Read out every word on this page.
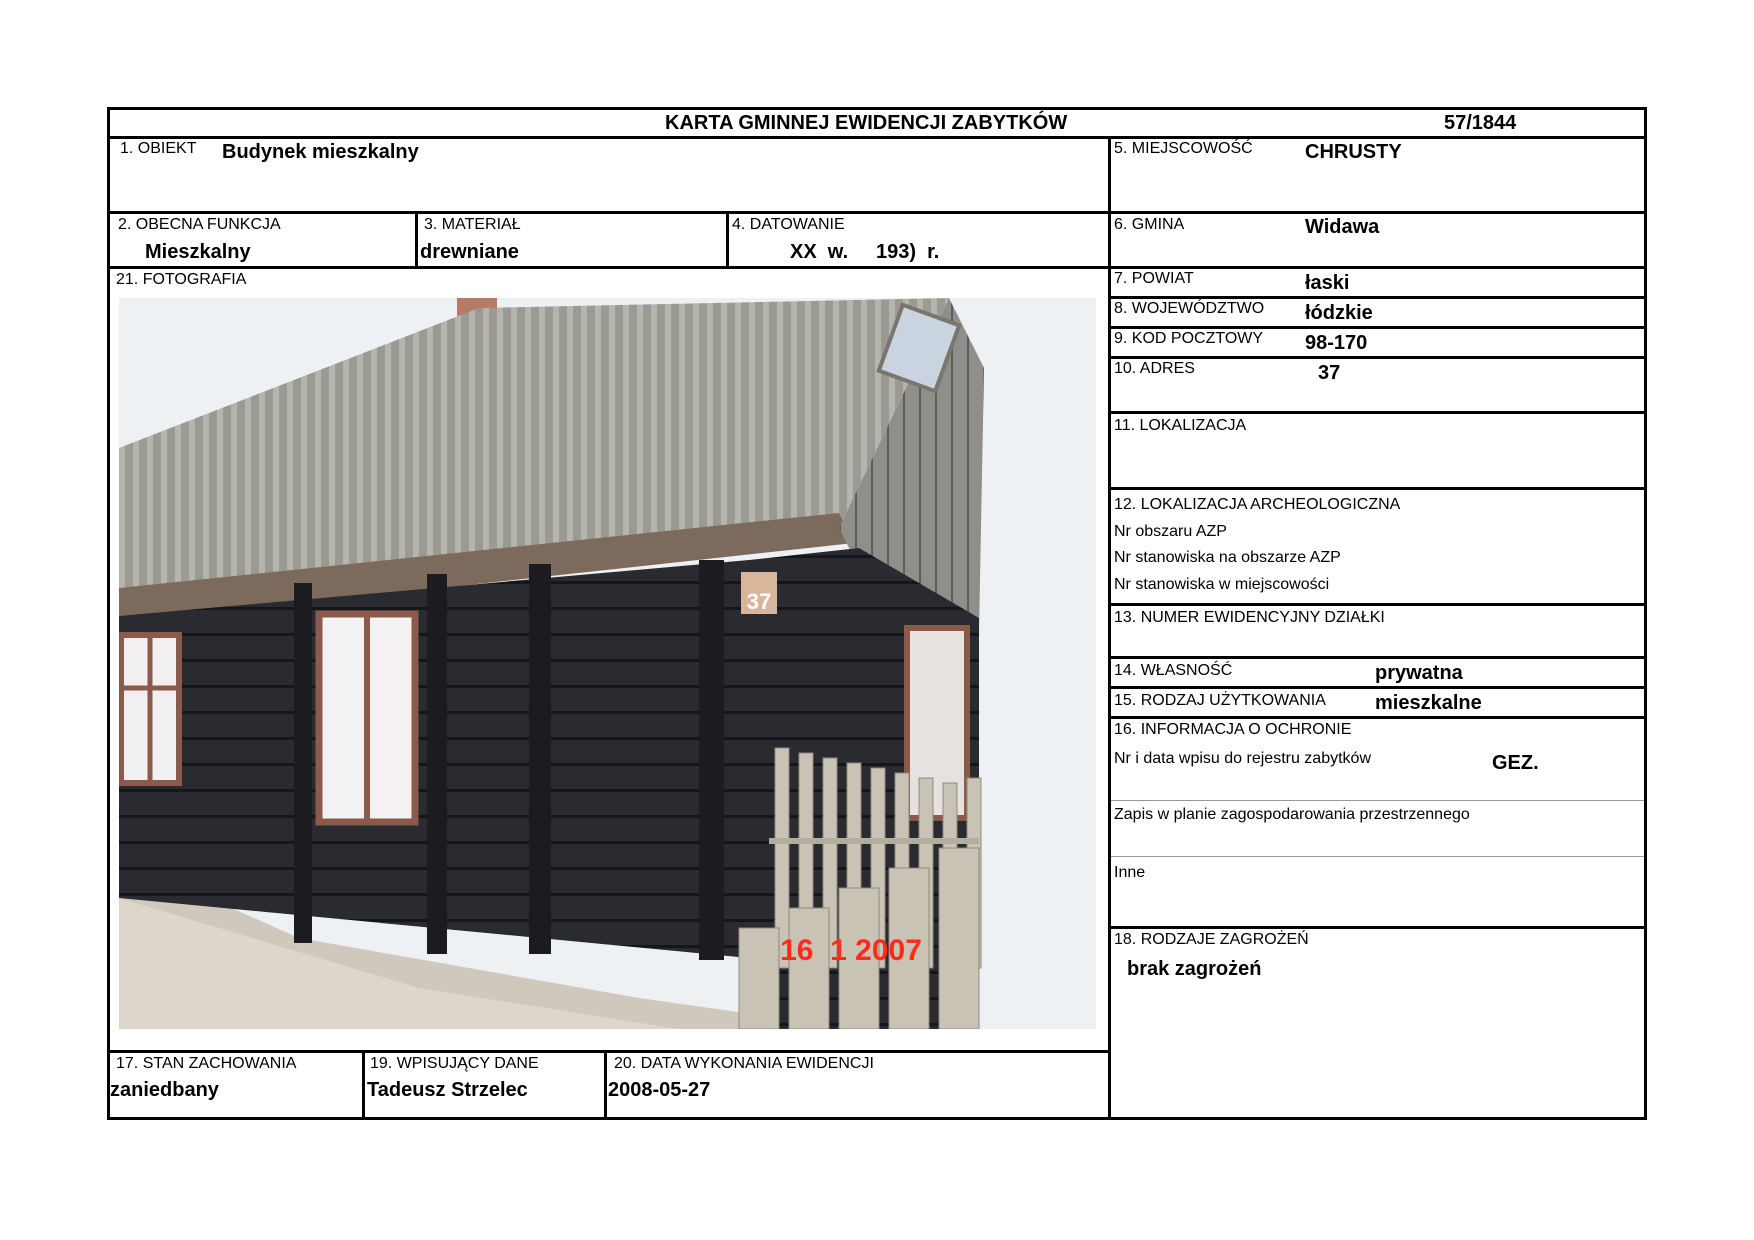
KARTA GMINNEJ EWIDENCJI ZABYTKÓW	57/1844
1. OBIEKT Budynek mieszkalny
2. OBECNA FUNKCJA
Mieszkalny
3. MATERIAŁ
drewniane
4. DATOWANIE
XX  w.     193)  r.
21. FOTOGRAFIA
37
16  1 2007
17. STAN ZACHOWANIA
zaniedbany
19. WPISUJĄCY DANE
Tadeusz Strzelec
20. DATA WYKONANIA EWIDENCJI
2008-05-27
5. MIEJSCOWOŚĆ	CHRUSTY
6. GMINA	Widawa
7. POWIAT	łaski
8. WOJEWÓDZTWO łódzkie
9. KOD POCZTOWY 98-170
10. ADRES	37
11. LOKALIZACJA
12. LOKALIZACJA ARCHEOLOGICZNA
Nr obszaru AZP
Nr stanowiska na obszarze AZP
Nr stanowiska w miejscowości
13. NUMER EWIDENCYJNY DZIAŁKI
14. WŁASNOŚĆ	prywatna
15. RODZAJ UŻYTKOWANIA mieszkalne
16. INFORMACJA O OCHRONIE
Nr i data wpisu do rejestru zabytków	GEZ.
Zapis w planie zagospodarowania przestrzennego
Inne
18. RODZAJE ZAGROŻEŃ
brak zagrożeń
